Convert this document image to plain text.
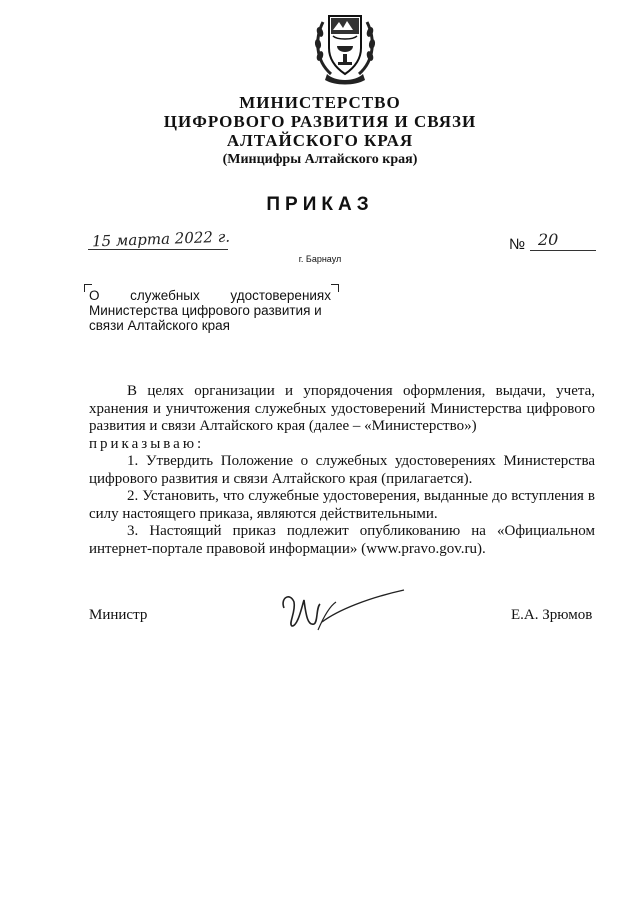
МИНИСТЕРСТВО
ЦИФРОВОГО РАЗВИТИЯ И СВЯЗИ
АЛТАЙСКОГО КРАЯ
(Минцифры Алтайского края)
ПРИКАЗ
15 марта 2022 г.	№ 20
г. Барнаул
О служебных удостоверениях
Министерства цифрового развития и
связи Алтайского края

В целях организации и упорядочения оформления, выдачи, учета, хранения и уничтожения служебных удостоверений Министерства цифрового развития и связи Алтайского края (далее – «Министерство»)

приказываю:

1. Утвердить Положение о служебных удостоверениях Министерства цифрового развития и связи Алтайского края (прилагается).

2. Установить, что служебные удостоверения, выданные до вступления в силу настоящего приказа, являются действительными.

3. Настоящий приказ подлежит опубликованию на «Официальном интернет-портале правовой информации» (www.pravo.gov.ru).

Министр	Е.А. Зрюмов
